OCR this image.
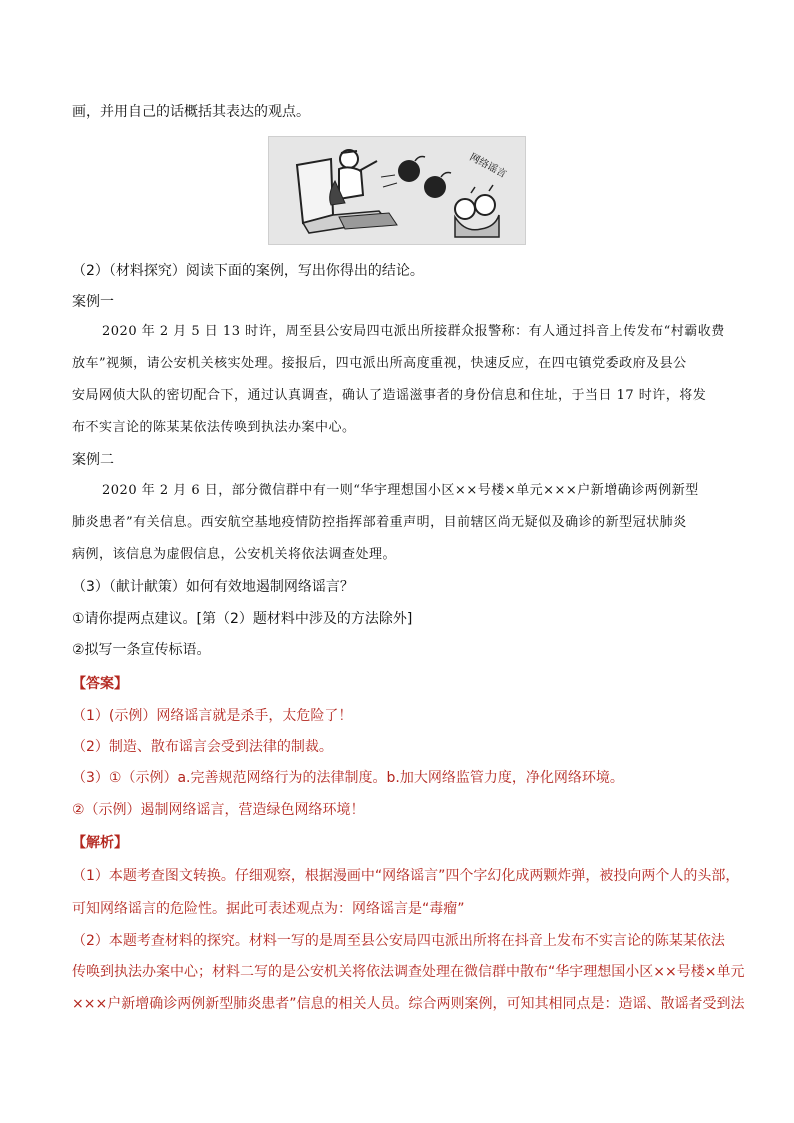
画，并用自己的话概括其表达的观点。
网络谣言
（2）（材料探究）阅读下面的案例，写出你得出的结论。
案例一
2020 年 2 月 5 日 13 时许，周至县公安局四屯派出所接群众报警称：有人通过抖音上传发布“村霸收费
放车”视频，请公安机关核实处理。接报后，四屯派出所高度重视，快速反应，在四屯镇党委政府及县公
安局网侦大队的密切配合下，通过认真调查，确认了造谣滋事者的身份信息和住址，于当日 17 时许，将发
布不实言论的陈某某依法传唤到执法办案中心。
案例二
2020 年 2 月 6 日，部分微信群中有一则“华宇理想国小区××号楼×单元×××户新增确诊两例新型
肺炎患者”有关信息。西安航空基地疫情防控指挥部着重声明，目前辖区尚无疑似及确诊的新型冠状肺炎
病例，该信息为虚假信息，公安机关将依法调查处理。
（3）（献计献策）如何有效地遏制网络谣言？
①请你提两点建议。[第（2）题材料中涉及的方法除外]
②拟写一条宣传标语。
【答案】
（1）(示例）网络谣言就是杀手，太危险了！
（2）制造、散布谣言会受到法律的制裁。
（3）①（示例）a.完善规范网络行为的法律制度。b.加大网络监管力度，净化网络环境。
②（示例）遏制网络谣言，营造绿色网络环境！
【解析】
（1）本题考查图文转换。仔细观察，根据漫画中“网络谣言”四个字幻化成两颗炸弹，被投向两个人的头部，
可知网络谣言的危险性。据此可表述观点为：网络谣言是“毒瘤”
（2）本题考查材料的探究。材料一写的是周至县公安局四屯派出所将在抖音上发布不实言论的陈某某依法
传唤到执法办案中心；材料二写的是公安机关将依法调查处理在微信群中散布“华宇理想国小区××号楼×单元
×××户新增确诊两例新型肺炎患者”信息的相关人员。综合两则案例，可知其相同点是：造谣、散谣者受到法
